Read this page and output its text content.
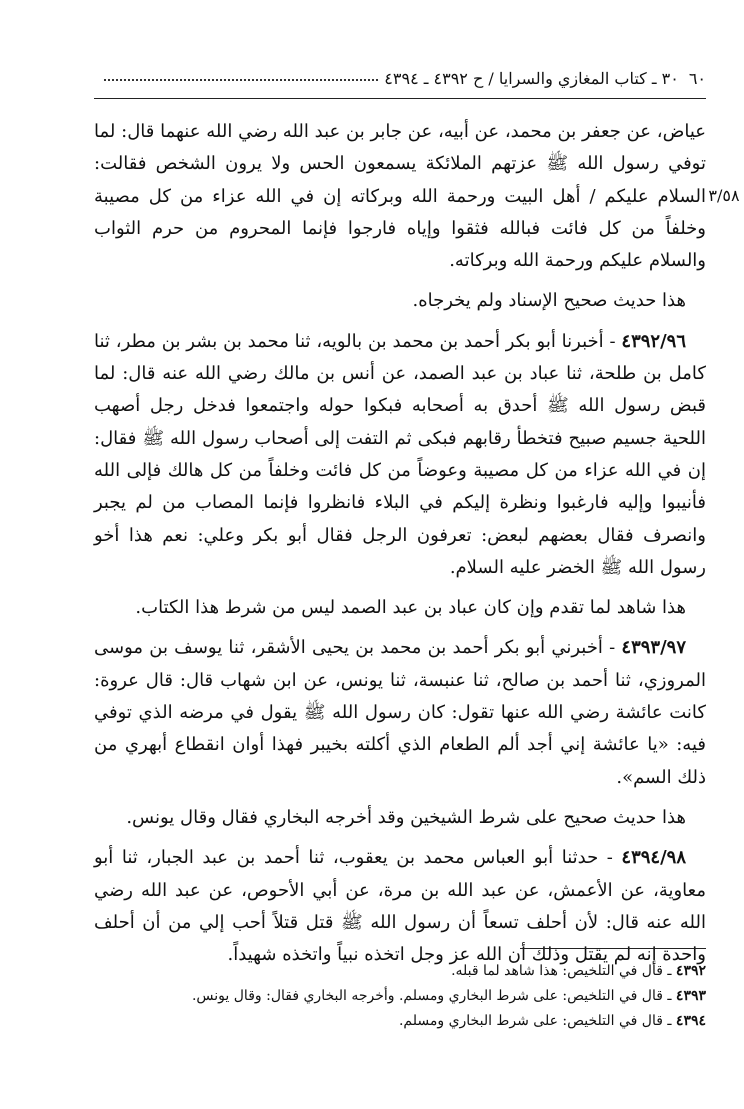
٦٠
٣٠ ـ كتاب المغازي والسرايا / ح ٤٣٩٢ ـ ٤٣٩٤
٣/٥٨

عياض، عن جعفر بن محمد، عن أبيه، عن جابر بن عبد الله رضي الله عنهما قال: لما توفي رسول الله ﷺ عزتهم الملائكة يسمعون الحس ولا يرون الشخص فقالت: السلام عليكم / أهل البيت ورحمة الله وبركاته إن في الله عزاء من كل مصيبة وخلفاً من كل فائت فبالله فثقوا وإياه فارجوا فإنما المحروم من حرم الثواب والسلام عليكم ورحمة الله وبركاته.

هذا حديث صحيح الإسناد ولم يخرجاه.

٤٣٩٢/٩٦ - أخبرنا أبو بكر أحمد بن محمد بن بالويه، ثنا محمد بن بشر بن مطر، ثنا كامل بن طلحة، ثنا عباد بن عبد الصمد، عن أنس بن مالك رضي الله عنه قال: لما قبض رسول الله ﷺ أحدق به أصحابه فبكوا حوله واجتمعوا فدخل رجل أصهب اللحية جسيم صبيح فتخطأ رقابهم فبكى ثم التفت إلى أصحاب رسول الله ﷺ فقال: إن في الله عزاء من كل مصيبة وعوضاً من كل فائت وخلفاً من كل هالك فإلى الله فأنيبوا وإليه فارغبوا ونظرة إليكم في البلاء فانظروا فإنما المصاب من لم يجبر وانصرف فقال بعضهم لبعض: تعرفون الرجل فقال أبو بكر وعلي: نعم هذا أخو رسول الله ﷺ الخضر عليه السلام.

هذا شاهد لما تقدم وإن كان عباد بن عبد الصمد ليس من شرط هذا الكتاب.

٤٣٩٣/٩٧ - أخبرني أبو بكر أحمد بن محمد بن يحيى الأشقر، ثنا يوسف بن موسى المروزي، ثنا أحمد بن صالح، ثنا عنبسة، ثنا يونس، عن ابن شهاب قال: قال عروة: كانت عائشة رضي الله عنها تقول: كان رسول الله ﷺ يقول في مرضه الذي توفي فيه: «يا عائشة إني أجد ألم الطعام الذي أكلته بخيبر فهذا أوان انقطاع أبهري من ذلك السم».

هذا حديث صحيح على شرط الشيخين وقد أخرجه البخاري فقال وقال يونس.

٤٣٩٤/٩٨ - حدثنا أبو العباس محمد بن يعقوب، ثنا أحمد بن عبد الجبار، ثنا أبو معاوية، عن الأعمش، عن عبد الله بن مرة، عن أبي الأحوص، عن عبد الله رضي الله عنه قال: لأن أحلف تسعاً أن رسول الله ﷺ قتل قتلاً أحب إلي من أن أحلف واحدة إنه لم يقتل وذلك أن الله عز وجل اتخذه نبياً واتخذه شهيداً.

٤٣٩٢ ـ قال في التلخيص: هذا شاهد لما قبله.

٤٣٩٣ ـ قال في التلخيص: على شرط البخاري ومسلم. وأخرجه البخاري فقال: وقال يونس.

٤٣٩٤ ـ قال في التلخيص: على شرط البخاري ومسلم.
